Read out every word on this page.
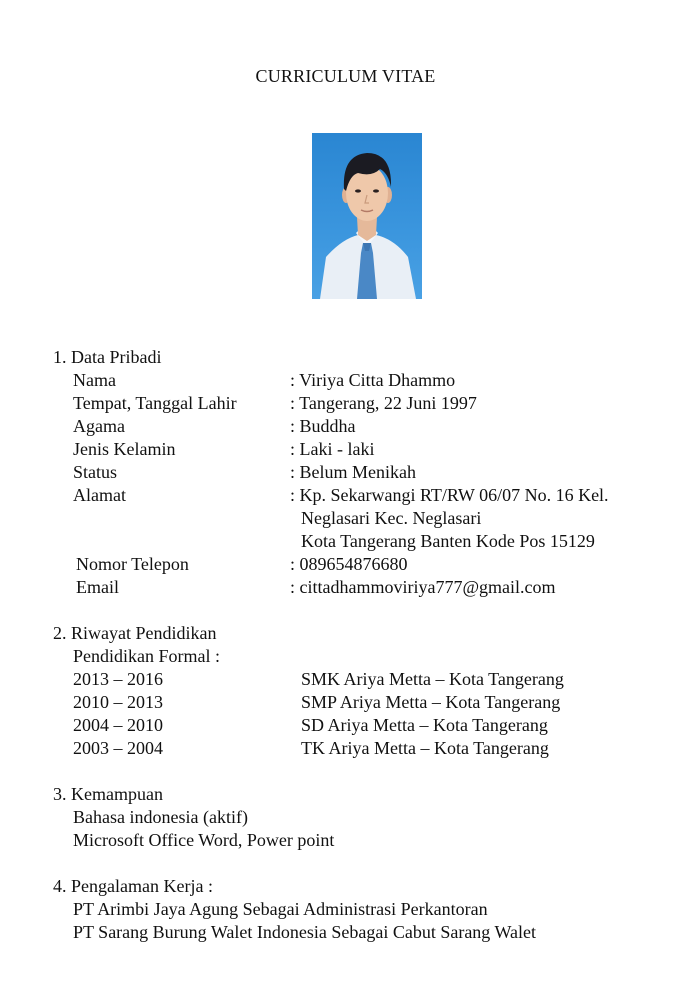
CURRICULUM VITAE
1. Data Pribadi
Nama	: Viriya Citta Dhammo
Tempat, Tanggal Lahir	: Tangerang, 22 Juni 1997
Agama	: Buddha
Jenis Kelamin	: Laki - laki
Status	: Belum Menikah
Alamat	: Kp. Sekarwangi RT/RW 06/07 No. 16 Kel.
Neglasari Kec. Neglasari
Kota Tangerang Banten Kode Pos 15129
Nomor Telepon	: 089654876680
Email	: cittadhammoviriya777@gmail.com
2. Riwayat Pendidikan
Pendidikan Formal :
2013 – 2016	SMK Ariya Metta – Kota Tangerang
2010 – 2013	SMP Ariya Metta – Kota Tangerang
2004 – 2010	SD Ariya Metta – Kota Tangerang
2003 – 2004	TK Ariya Metta – Kota Tangerang
3. Kemampuan
Bahasa indonesia (aktif)
Microsoft Office Word, Power point
4. Pengalaman Kerja :
PT Arimbi Jaya Agung Sebagai Administrasi Perkantoran
PT Sarang Burung Walet Indonesia Sebagai Cabut Sarang Walet
